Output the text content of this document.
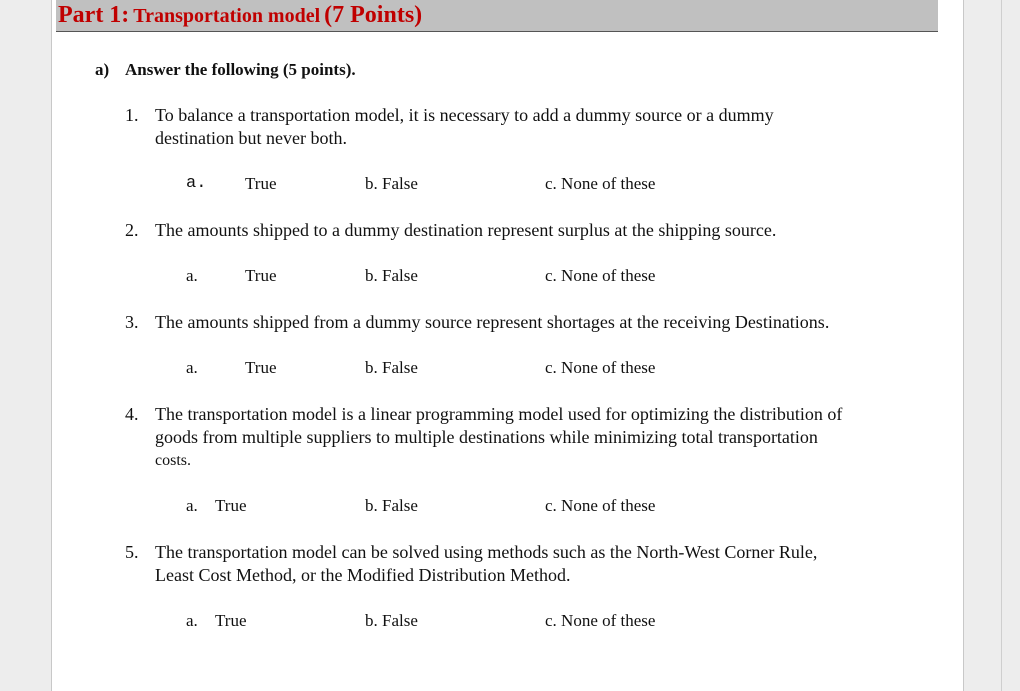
Part 1: Transportation model (7 Points)
a) Answer the following (5 points).
1. To balance a transportation model, it is necessary to add a dummy source or a dummy
destination but never both.
a. True	b. False	c. None of these
2. The amounts shipped to a dummy destination represent surplus at the shipping source.
a.	True	b. False	c. None of these
3. The amounts shipped from a dummy source represent shortages at the receiving Destinations.
a.	True	b. False	c. None of these
4. The transportation model is a linear programming model used for optimizing the distribution of
goods from multiple suppliers to multiple destinations while minimizing total transportation
costs.
a. True	b. False	c. None of these
5. The transportation model can be solved using methods such as the North-West Corner Rule,
Least Cost Method, or the Modified Distribution Method.
a. True	b. False	c. None of these
